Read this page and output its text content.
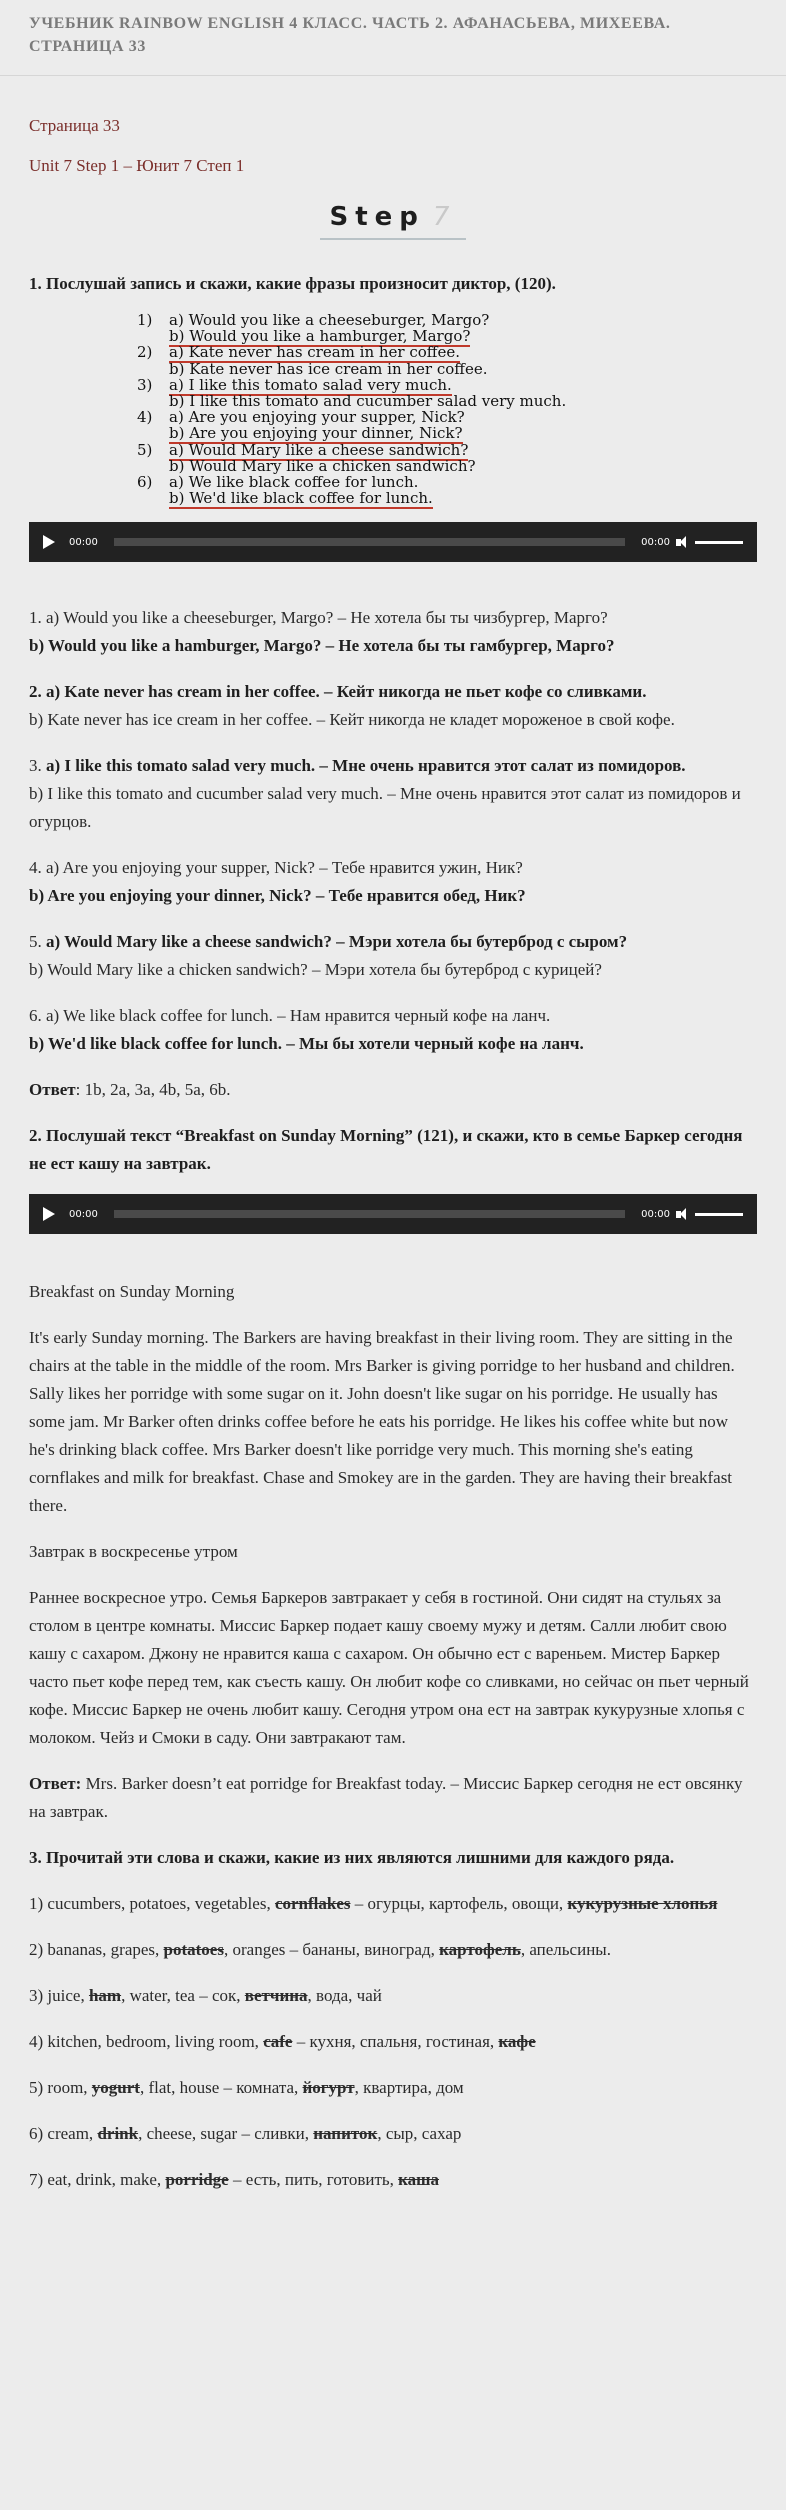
УЧЕБНИК RAINBOW ENGLISH 4 КЛАСС. ЧАСТЬ 2. АФАНАСЬЕВА, МИХЕЕВА. СТРАНИЦА 33
Страница 33
Unit 7 Step 1 – Юнит 7 Степ 1
Step 7
1. Послушай запись и скажи, какие фразы произносит диктор, (120).
1)	a) Would you like a cheeseburger, Margo?
b) Would you like a hamburger, Margo?
2)	a) Kate never has cream in her coffee.
b) Kate never has ice cream in her coffee.
3)	a) I like this tomato salad very much.
b) I like this tomato and cucumber salad very much.
4)	a) Are you enjoying your supper, Nick?
b) Are you enjoying your dinner, Nick?
5)	a) Would Mary like a cheese sandwich?
b) Would Mary like a chicken sandwich?
6)	a) We like black coffee for lunch.
b) We'd like black coffee for lunch.
00:00	00:00
1. a) Would you like a cheeseburger, Margo? – Не хотела бы ты чизбургер, Марго?
b) Would you like a hamburger, Margo? – Не хотела бы ты гамбургер, Марго?
2. a) Kate never has cream in her coffee. – Кейт никогда не пьет кофе со сливками.
b) Kate never has ice cream in her coffee. – Кейт никогда не кладет мороженое в свой кофе.
3. a) I like this tomato salad very much. – Мне очень нравится этот салат из помидоров.
b) I like this tomato and cucumber salad very much. – Мне очень нравится этот салат из помидоров и огурцов.
4. a) Are you enjoying your supper, Nick? – Тебе нравится ужин, Ник?
b) Are you enjoying your dinner, Nick? – Тебе нравится обед, Ник?
5. a) Would Mary like a cheese sandwich? – Мэри хотела бы бутерброд с сыром?
b) Would Mary like a chicken sandwich? – Мэри хотела бы бутерброд с курицей?
6. a) We like black coffee for lunch. – Нам нравится черный кофе на ланч.
b) We'd like black coffee for lunch. – Мы бы хотели черный кофе на ланч.
Ответ: 1b, 2a, 3a, 4b, 5a, 6b.
2. Послушай текст “Breakfast on Sunday Morning” (121), и скажи, кто в семье Баркер сегодня не ест кашу на завтрак.
00:00	00:00
Breakfast on Sunday Morning
It's early Sunday morning. The Barkers are having breakfast in their living room. They are sitting in the chairs at the table in the middle of the room. Mrs Barker is giving porridge to her husband and children. Sally likes her porridge with some sugar on it. John doesn't like sugar on his porridge. He usually has some jam. Mr Barker often drinks coffee before he eats his porridge. He likes his coffee white but now he's drinking black coffee. Mrs Barker doesn't like porridge very much. This morning she's eating cornflakes and milk for breakfast. Chase and Smokey are in the garden. They are having their breakfast there.
Завтрак в воскресенье утром
Раннее воскресное утро. Семья Баркеров завтракает у себя в гостиной. Они сидят на стульях за столом в центре комнаты. Миссис Баркер подает кашу своему мужу и детям. Салли любит свою кашу с сахаром. Джону не нравится каша с сахаром. Он обычно ест с вареньем. Мистер Баркер часто пьет кофе перед тем, как съесть кашу. Он любит кофе со сливками, но сейчас он пьет черный кофе. Миссис Баркер не очень любит кашу. Сегодня утром она ест на завтрак кукурузные хлопья с молоком. Чейз и Смоки в саду. Они завтракают там.
Ответ: Mrs. Barker doesn’t eat porridge for Breakfast today. – Миссис Баркер сегодня не ест овсянку на завтрак.
3. Прочитай эти слова и скажи, какие из них являются лишними для каждого ряда.
1) cucumbers, potatoes, vegetables, cornflakes – огурцы, картофель, овощи, кукурузные хлопья
2) bananas, grapes, potatoes, oranges – бананы, виноград, картофель, апельсины.
3) juice, ham, water, tea – сок, ветчина, вода, чай
4) kitchen, bedroom, living room, cafe – кухня, спальня, гостиная, кафе
5) room, yogurt, flat, house – комната, йогурт, квартира, дом
6) cream, drink, cheese, sugar – сливки, напиток, сыр, сахар
7) eat, drink, make, porridge – есть, пить, готовить, каша
